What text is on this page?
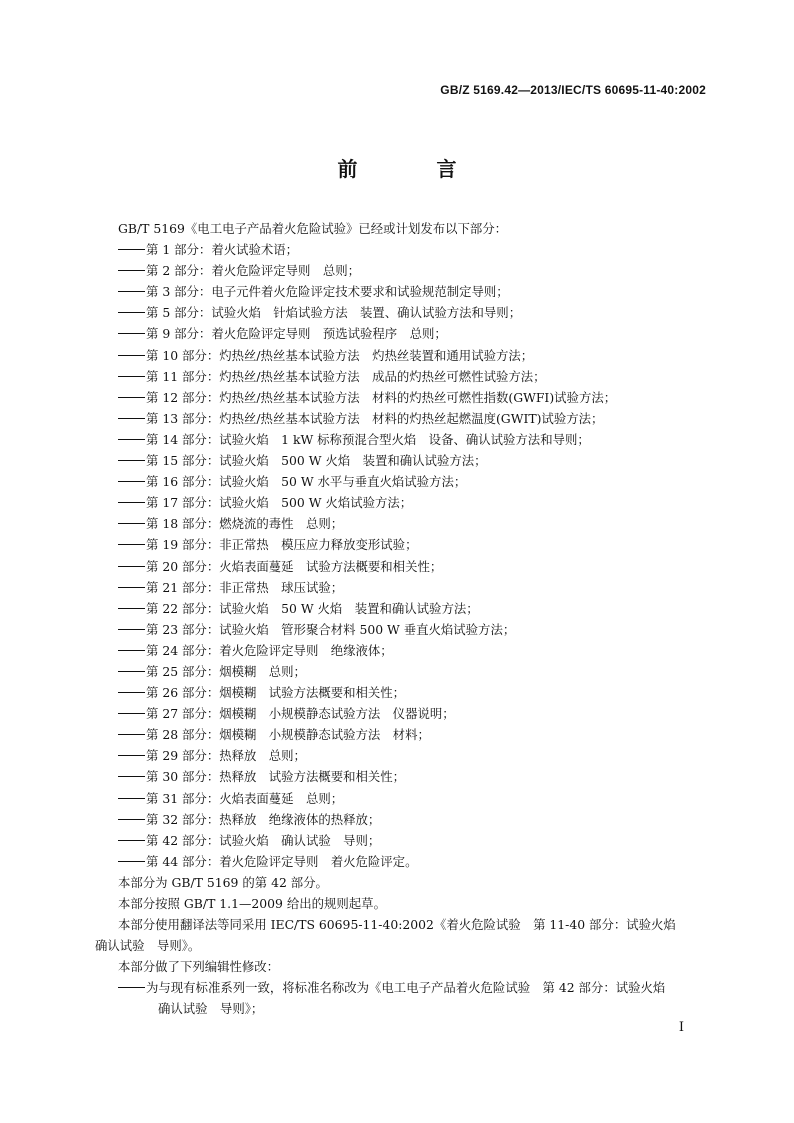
GB/Z 5169.42—2013/IEC/TS 60695-11-40:2002
前 言
GB/T 5169《电工电子产品着火危险试验》已经或计划发布以下部分：
第 1 部分：着火试验术语；
第 2 部分：着火危险评定导则　总则；
第 3 部分：电子元件着火危险评定技术要求和试验规范制定导则；
第 5 部分：试验火焰　针焰试验方法　装置、确认试验方法和导则；
第 9 部分：着火危险评定导则　预选试验程序　总则；
第 10 部分：灼热丝/热丝基本试验方法　灼热丝装置和通用试验方法；
第 11 部分：灼热丝/热丝基本试验方法　成品的灼热丝可燃性试验方法；
第 12 部分：灼热丝/热丝基本试验方法　材料的灼热丝可燃性指数(GWFI)试验方法；
第 13 部分：灼热丝/热丝基本试验方法　材料的灼热丝起燃温度(GWIT)试验方法；
第 14 部分：试验火焰　1 kW 标称预混合型火焰　设备、确认试验方法和导则；
第 15 部分：试验火焰　500 W 火焰　装置和确认试验方法；
第 16 部分：试验火焰　50 W 水平与垂直火焰试验方法；
第 17 部分：试验火焰　500 W 火焰试验方法；
第 18 部分：燃烧流的毒性　总则；
第 19 部分：非正常热　模压应力释放变形试验；
第 20 部分：火焰表面蔓延　试验方法概要和相关性；
第 21 部分：非正常热　球压试验；
第 22 部分：试验火焰　50 W 火焰　装置和确认试验方法；
第 23 部分：试验火焰　管形聚合材料 500 W 垂直火焰试验方法；
第 24 部分：着火危险评定导则　绝缘液体；
第 25 部分：烟模糊　总则；
第 26 部分：烟模糊　试验方法概要和相关性；
第 27 部分：烟模糊　小规模静态试验方法　仪器说明；
第 28 部分：烟模糊　小规模静态试验方法　材料；
第 29 部分：热释放　总则；
第 30 部分：热释放　试验方法概要和相关性；
第 31 部分：火焰表面蔓延　总则；
第 32 部分：热释放　绝缘液体的热释放；
第 42 部分：试验火焰　确认试验　导则；
第 44 部分：着火危险评定导则　着火危险评定。
本部分为 GB/T 5169 的第 42 部分。
本部分按照 GB/T 1.1—2009 给出的规则起草。
本部分使用翻译法等同采用 IEC/TS 60695-11-40:2002《着火危险试验　第 11-40 部分：试验火焰
确认试验　导则》。
本部分做了下列编辑性修改：
为与现有标准系列一致，将标准名称改为《电工电子产品着火危险试验　第 42 部分：试验火焰
确认试验　导则》；
I
